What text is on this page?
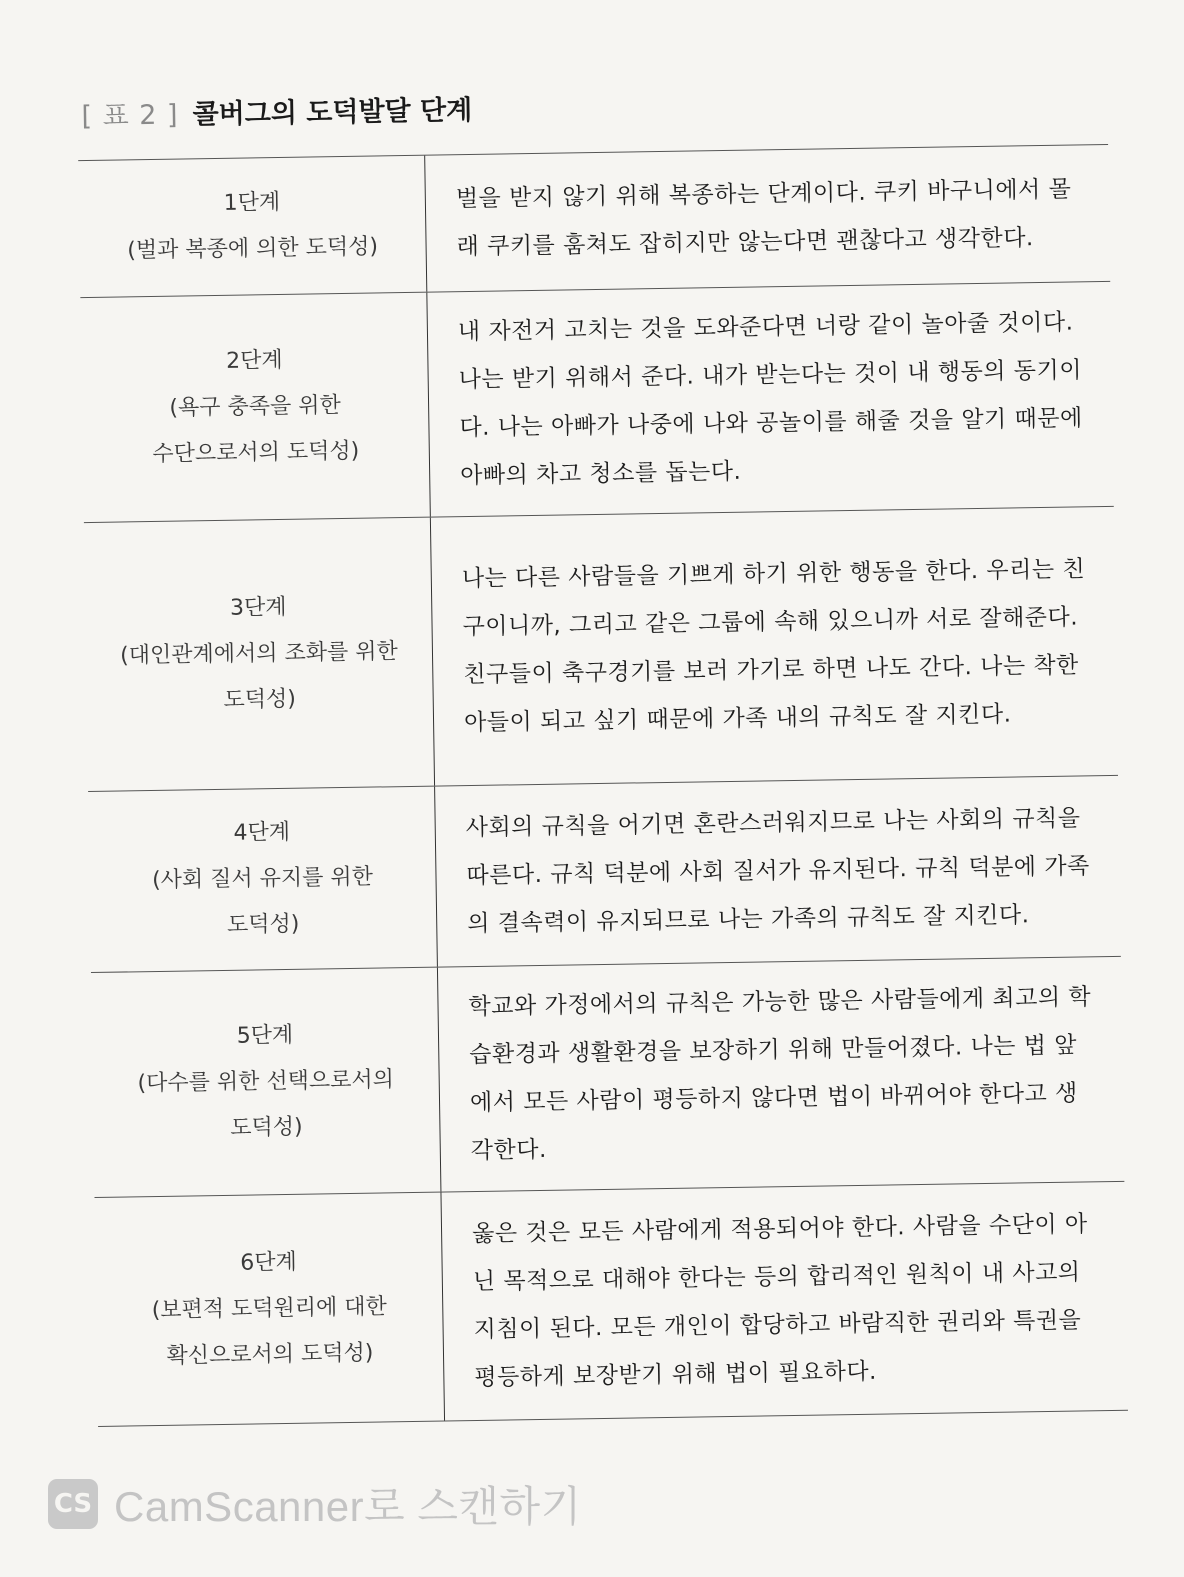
[ 표 2 ] 콜버그의 도덕발달 단계
1단계
(벌과 복종에 의한 도덕성)
벌을 받지 않기 위해 복종하는 단계이다. 쿠키 바구니에서 몰래 쿠키를 훔쳐도 잡히지만 않는다면 괜찮다고 생각한다.
2단계
(욕구 충족을 위한
수단으로서의 도덕성)
내 자전거 고치는 것을 도와준다면 너랑 같이 놀아줄 것이다. 나는 받기 위해서 준다. 내가 받는다는 것이 내 행동의 동기이다. 나는 아빠가 나중에 나와 공놀이를 해줄 것을 알기 때문에 아빠의 차고 청소를 돕는다.
3단계
(대인관계에서의 조화를 위한
도덕성)
나는 다른 사람들을 기쁘게 하기 위한 행동을 한다. 우리는 친구이니까, 그리고 같은 그룹에 속해 있으니까 서로 잘해준다. 친구들이 축구경기를 보러 가기로 하면 나도 간다. 나는 착한 아들이 되고 싶기 때문에 가족 내의 규칙도 잘 지킨다.
4단계
(사회 질서 유지를 위한
도덕성)
사회의 규칙을 어기면 혼란스러워지므로 나는 사회의 규칙을 따른다. 규칙 덕분에 사회 질서가 유지된다. 규칙 덕분에 가족의 결속력이 유지되므로 나는 가족의 규칙도 잘 지킨다.
5단계
(다수를 위한 선택으로서의
도덕성)
학교와 가정에서의 규칙은 가능한 많은 사람들에게 최고의 학습환경과 생활환경을 보장하기 위해 만들어졌다. 나는 법 앞에서 모든 사람이 평등하지 않다면 법이 바뀌어야 한다고 생각한다.
6단계
(보편적 도덕원리에 대한
확신으로서의 도덕성)
옳은 것은 모든 사람에게 적용되어야 한다. 사람을 수단이 아닌 목적으로 대해야 한다는 등의 합리적인 원칙이 내 사고의 지침이 된다. 모든 개인이 합당하고 바람직한 권리와 특권을 평등하게 보장받기 위해 법이 필요하다.
CS CamScanner로 스캔하기
